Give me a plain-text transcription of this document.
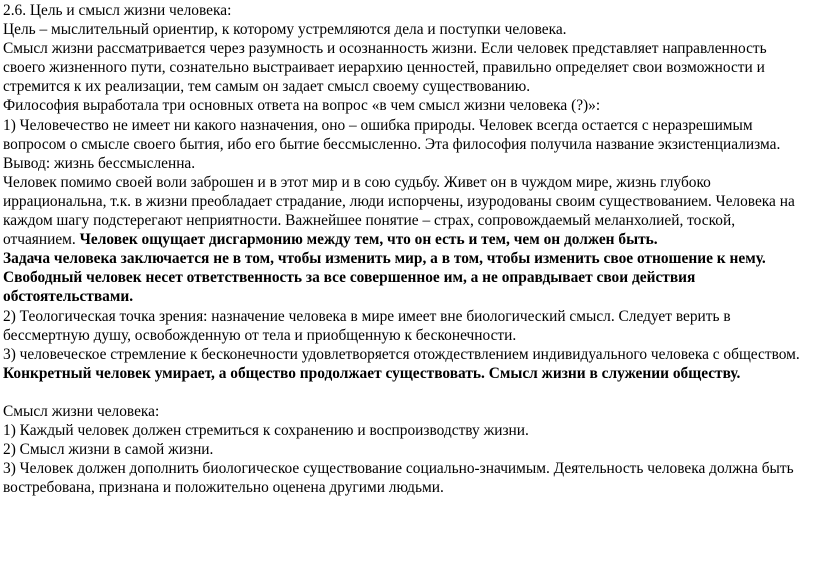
2.6. Цель и смысл жизни человека:

Цель – мыслительный ориентир, к которому устремляются дела и поступки человека.

Смысл жизни рассматривается через разумность и осознанность жизни. Если человек представляет направленность своего жизненного пути, сознательно выстраивает иерархию ценностей, правильно определяет свои возможности и стремится к их реализации, тем самым он задает смысл своему существованию.

Философия выработала три основных ответа на вопрос «в чем смысл жизни человека (?)»:

1) Человечество не имеет ни какого назначения, оно – ошибка природы. Человек всегда остается с неразрешимым вопросом о смысле своего бытия, ибо его бытие бессмысленно. Эта философия получила название экзистенциализма.

Вывод: жизнь бессмысленна.

Человек помимо своей воли заброшен и в этот мир и в сою судьбу. Живет он в чуждом мире, жизнь глубоко иррациональна, т.к. в жизни преобладает страдание, люди испорчены, изуродованы своим существованием. Человека на каждом шагу подстерегают неприятности. Важнейшее понятие – страх, сопровождаемый меланхолией, тоской, отчаянием. Человек ощущает дисгармонию между тем, что он есть и тем, чем он должен быть.

Задача человека заключается не в том, чтобы изменить мир, а в том, чтобы изменить свое отношение к нему. Свободный человек несет ответственность за все совершенное им, а не оправдывает свои действия обстоятельствами.

2) Теологическая точка зрения: назначение человека в мире имеет вне биологический смысл. Следует верить в бессмертную душу, освобожденную от тела и приобщенную к бесконечности.

3) человеческое стремление к бесконечности удовлетворяется отождествлением индивидуального человека с обществом. Конкретный человек умирает, а общество продолжает существовать. Смысл жизни в служении обществу.

Смысл жизни человека:

1) Каждый человек должен стремиться к сохранению и воспроизводству жизни.

2) Смысл жизни в самой жизни.

3) Человек должен дополнить биологическое существование социально-значимым. Деятельность человека должна быть востребована, признана и положительно оценена другими людьми.
